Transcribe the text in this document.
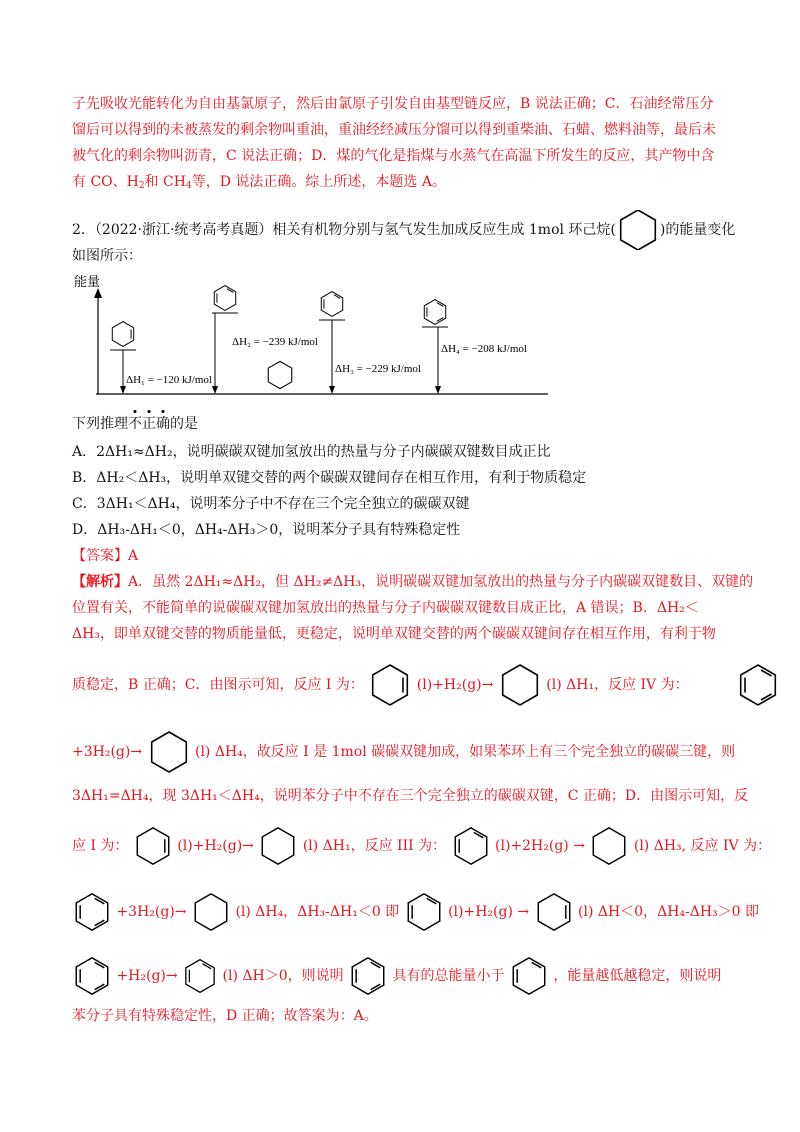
子先吸收光能转化为自由基氯原子，然后由氯原子引发自由基型链反应，B 说法正确；C．石油经常压分
馏后可以得到的未被蒸发的剩余物叫重油，重油经经减压分馏可以得到重柴油、石蜡、燃料油等，最后未
被气化的剩余物叫沥青，C 说法正确；D．煤的气化是指煤与水蒸气在高温下所发生的反应，其产物中含
有 CO、$H_2$和 $CH_4$等，D 说法正确。综上所述，本题选 A。
2．（2022·浙江·统考高考真题）相关有机物分别与氢气发生加成反应生成 1mol 环己烷(	)的能量变化
如图所示：
能量
ΔH₁ = −120 kJ/mol
ΔH₂ = −239 kJ/mol
ΔH₃ = −229 kJ/mol
ΔH₄ = −208 kJ/mol
下列推理不正确
的是
A．2ΔH₁≈ΔH₂，说明碳碳双键加氢放出的热量与分子内碳碳双键数目成正比
B．ΔH₂＜ΔH₃，说明单双键交替的两个碳碳双键间存在相互作用，有利于物质稳定
C．3ΔH₁＜ΔH₄，说明苯分子中不存在三个完全独立的碳碳双键
D．ΔH₃-ΔH₁＜0，ΔH₄-ΔH₃＞0，说明苯分子具有特殊稳定性
【答案】A
【解析】A．虽然 2ΔH₁≈ΔH₂，但 ΔH₂≠ΔH₃，说明碳碳双键加氢放出的热量与分子内碳碳双键数目、双键的
位置有关，不能简单的说碳碳双键加氢放出的热量与分子内碳碳双键数目成正比，A 错误；B．ΔH₂＜
ΔH₃，即单双键交替的物质能量低，更稳定，说明单双键交替的两个碳碳双键间存在相互作用，有利于物
质稳定，B 正确；C．由图示可知，反应 I 为：	(l)+H₂(g)→	(l) ΔH₁，反应 IV 为：
+3H₂(g)→	(l) ΔH₄，故反应 I 是 1mol 碳碳双键加成，如果苯环上有三个完全独立的碳碳三键，则
3ΔH₁=ΔH₄，现 3ΔH₁＜ΔH₄，说明苯分子中不存在三个完全独立的碳碳双键，C 正确；D．由图示可知，反
应 I 为：	(l)+H₂(g)→	(l) ΔH₁，反应 III 为：	(l)+2H₂(g) →	(l) ΔH₃, 反应 IV 为：
+3H₂(g)→	(l) ΔH₄，ΔH₃-ΔH₁＜0 即	(l)+H₂(g) →	(l) ΔH＜0，ΔH₄-ΔH₃＞0 即
+H₂(g)→	(l) ΔH＞0，则说明	具有的总能量小于	，能量越低越稳定，则说明
苯分子具有特殊稳定性，D 正确；故答案为：A。
